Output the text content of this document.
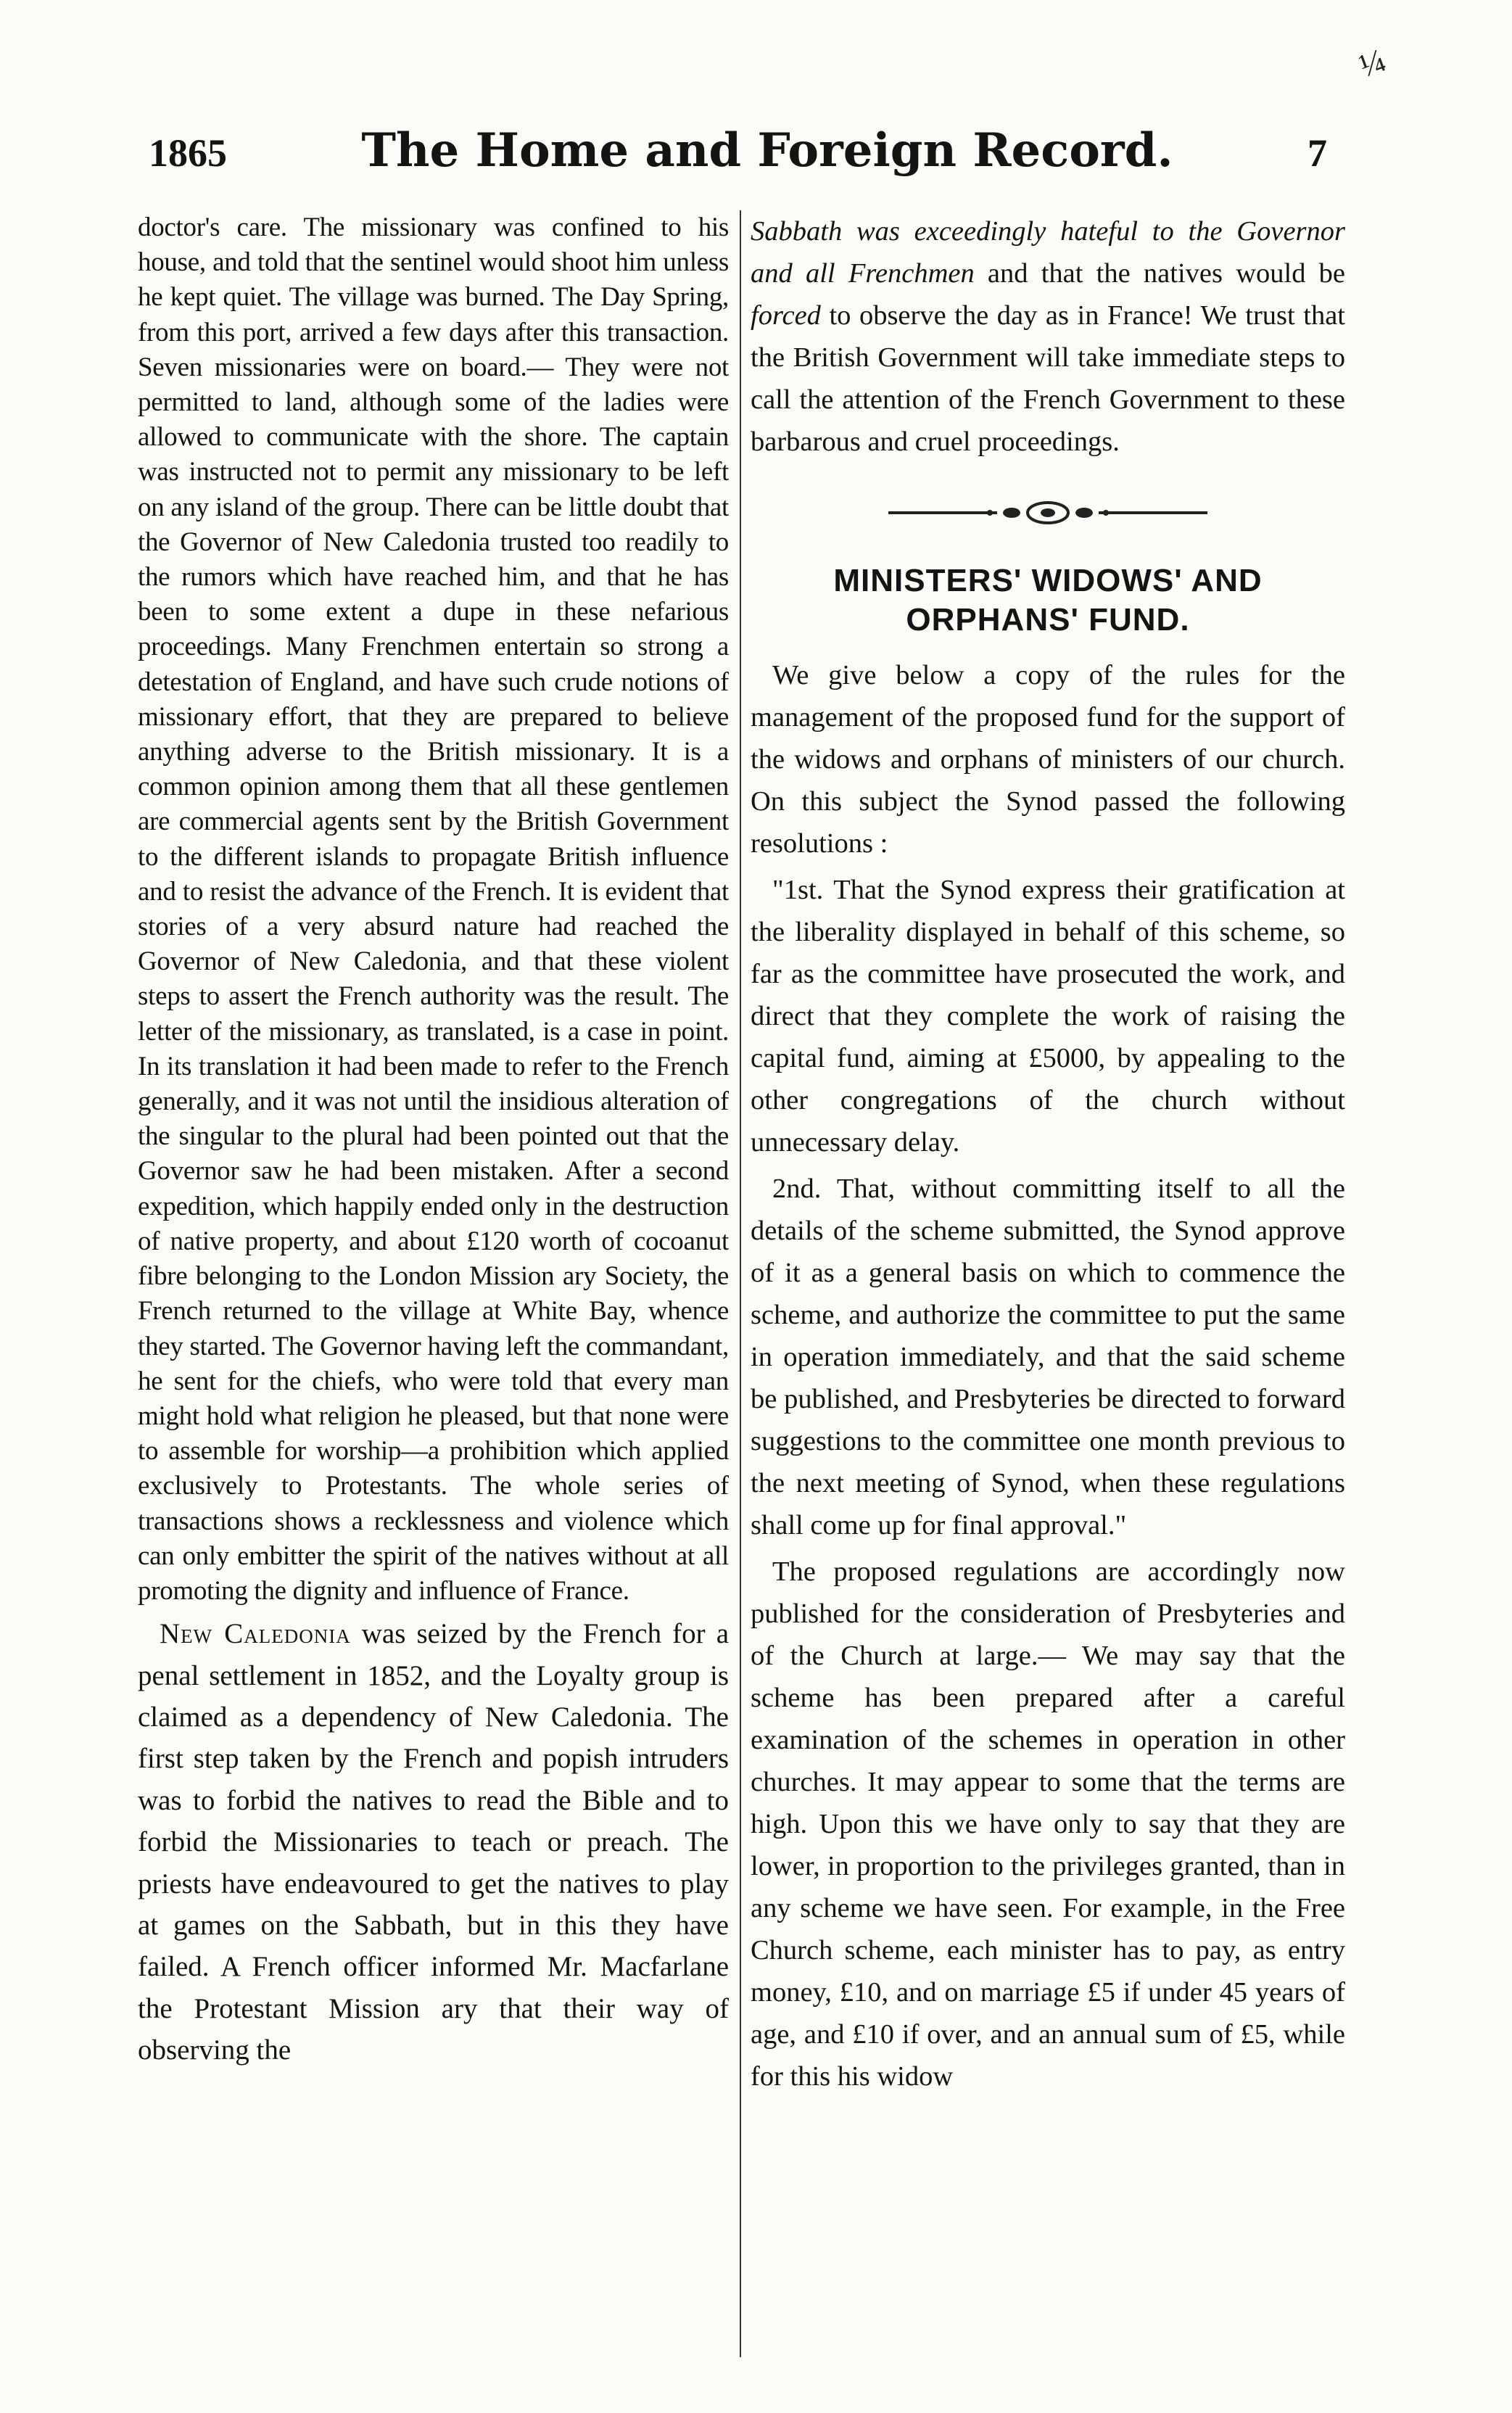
¼
1865	The Home and Foreign Record.	7

doctor's care. The missionary was confined to his house, and told that the sentinel would shoot him unless he kept quiet. The village was burned. The Day Spring, from this port, arrived a few days after this transaction. Seven missionaries were on board.— They were not permitted to land, although some of the ladies were allowed to communicate with the shore. The captain was instructed not to permit any missionary to be left on any island of the group. There can be little doubt that the Governor of New Caledonia trusted too readily to the rumors which have reached him, and that he has been to some extent a dupe in these nefarious proceedings. Many Frenchmen entertain so strong a detestation of England, and have such crude notions of missionary effort, that they are prepared to believe anything adverse to the British missionary. It is a common opinion among them that all these gentlemen are commercial agents sent by the British Government to the different islands to propagate British influence and to resist the advance of the French. It is evident that stories of a very absurd nature had reached the Governor of New Caledonia, and that these violent steps to assert the French authority was the result. The letter of the missionary, as translated, is a case in point. In its translation it had been made to refer to the French generally, and it was not until the insidious alteration of the singular to the plural had been pointed out that the Governor saw he had been mistaken. After a second expedition, which happily ended only in the destruction of native property, and about £120 worth of cocoanut fibre belonging to the London Mission ary Society, the French returned to the village at White Bay, whence they started. The Governor having left the commandant, he sent for the chiefs, who were told that every man might hold what religion he pleased, but that none were to assemble for worship—a prohibition which applied exclusively to Protestants. The whole series of transactions shows a recklessness and violence which can only embitter the spirit of the natives without at all promoting the dignity and influence of France.

New Caledonia was seized by the French for a penal settlement in 1852, and the Loyalty group is claimed as a dependency of New Caledonia. The first step taken by the French and popish intruders was to forbid the natives to read the Bible and to forbid the Missionaries to teach or preach. The priests have endeavoured to get the natives to play at games on the Sabbath, but in this they have failed. A French officer informed Mr. Macfarlane the Protestant Mission ary that their way of observing the

Sabbath was exceedingly hateful to the Governor and all Frenchmen and that the natives would be forced to observe the day as in France! We trust that the British Government will take immediate steps to call the attention of the French Government to these barbarous and cruel proceedings.

MINISTERS' WIDOWS' AND ORPHANS' FUND.

We give below a copy of the rules for the management of the proposed fund for the support of the widows and orphans of ministers of our church. On this subject the Synod passed the following resolutions :

"1st. That the Synod express their gratification at the liberality displayed in behalf of this scheme, so far as the committee have prosecuted the work, and direct that they complete the work of raising the capital fund, aiming at £5000, by appealing to the other congregations of the church without unnecessary delay.

2nd. That, without committing itself to all the details of the scheme submitted, the Synod approve of it as a general basis on which to commence the scheme, and authorize the committee to put the same in operation immediately, and that the said scheme be published, and Presbyteries be directed to forward suggestions to the committee one month previous to the next meeting of Synod, when these regulations shall come up for final approval."

The proposed regulations are accordingly now published for the consideration of Presbyteries and of the Church at large.— We may say that the scheme has been prepared after a careful examination of the schemes in operation in other churches. It may appear to some that the terms are high. Upon this we have only to say that they are lower, in proportion to the privileges granted, than in any scheme we have seen. For example, in the Free Church scheme, each minister has to pay, as entry money, £10, and on marriage £5 if under 45 years of age, and £10 if over, and an annual sum of £5, while for this his widow
